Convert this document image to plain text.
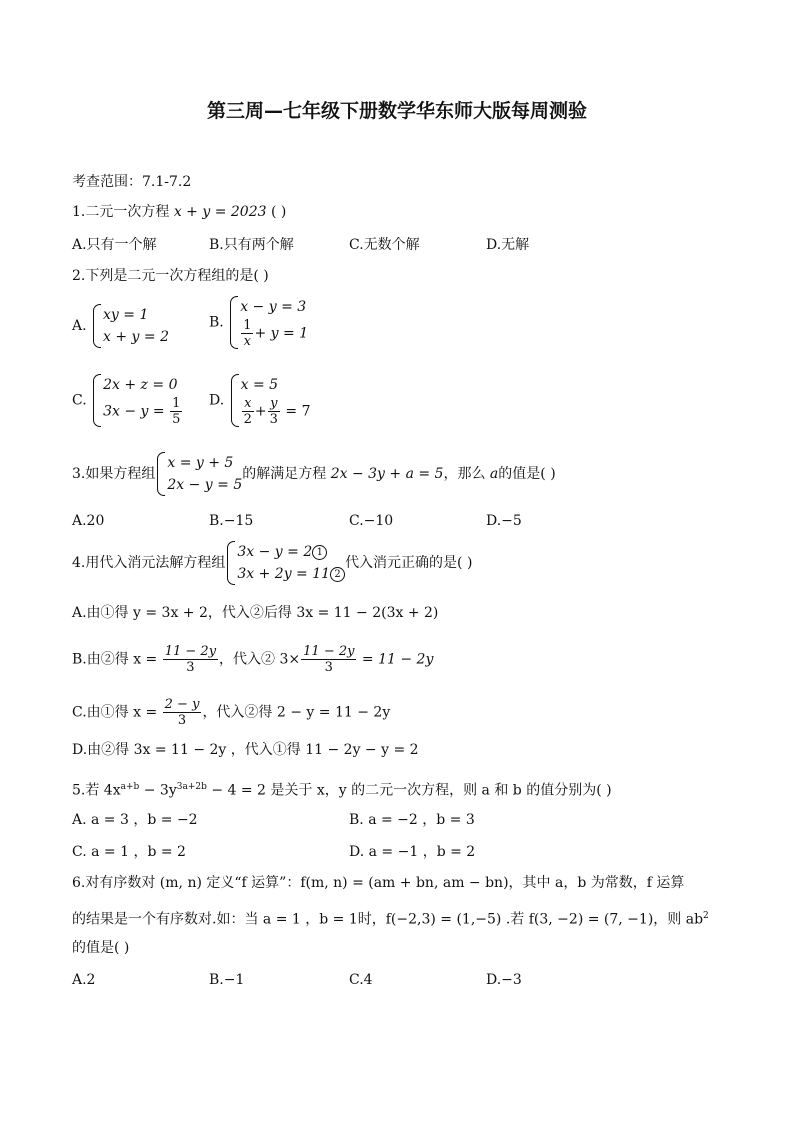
第三周—七年级下册数学华东师大版每周测验
考查范围：7.1-7.2
1.二元一次方程 x + y = 2023 ( )
A.只有一个解	B.只有两个解	C.无数个解	D.无解
2.下列是二元一次方程组的是( )
A.
xy = 1
x + y = 2
B.
x − y = 3
$\frac{1}{x} + y = 1$
C.
2x + z = 0
$3x - y = \frac{1}{5} D$.
x = 5
$\frac{x}{2} + \frac{y}{3} = 7$
3.如果方程组
x = y + 5
2x − y = 5
的解满足方程 2x − 3y + a = 5，那么 a的值是( )
A.20	B.−15	C.−10	D.−5
4.用代入消元法解方程组
3x − y = 2 1
3x + 2y = 11 2
代入消元正确的是( )
A.由①得 y = 3x + 2，代入②后得 3x = 11 − 2(3x + 2)
B.由②得 $x = \frac{11 - 2y}{3}$ ，代入② $3\times \frac{11 - 2y}{3} = 11 - 2y$
C.由①得 $x = \frac{2 - y}{3}$ ，代入②得 2 − y = 11 − 2y
D.由②得 3x = 11 − 2y ，代入①得 11 − 2y − y = 2
5.若 $4x^{a+b} - 3y^{3a+2b} - 4 = 2$ 是关于 x，y 的二元一次方程，则 a 和 b 的值分别为( )
A. a = 3 ，b = −2	B. a = −2 ，b = 3
C. a = 1 ，b = 2	D. a = −1 ，b = 2
6.对有序数对 (m, n) 定义“f 运算”：f(m, n) = (am + bn, am − bn)，其中 a，b 为常数，f 运算
的结果是一个有序数对.如：当 a = 1 ，b = 1时，f(−2,3) = (1,−5) .若 f(3, −2) = (7, −1)，则 $ab^2$
的值是( )
A.2	B.−1	C.4	D.−3
